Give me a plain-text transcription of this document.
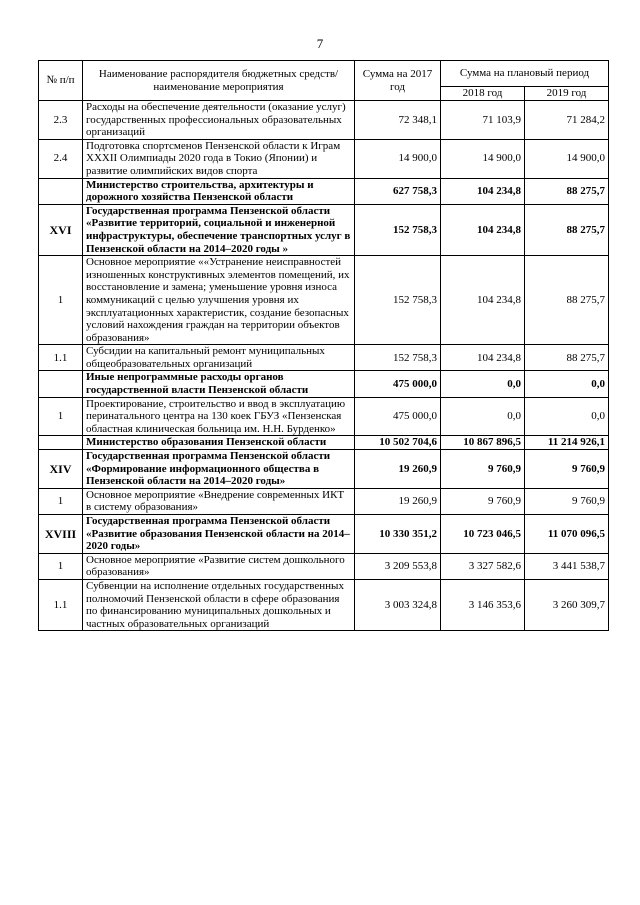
7
№ п/п	Наименование распорядителя бюджетных средств/наименование мероприятия	Сумма на 2017 год	Сумма на плановый период	
			2018 год	2019 год
2.3	Расходы на обеспечение деятельности (оказание услуг) государственных профессиональных образовательных организаций	72 348,1	71 103,9	71 284,2
2.4	Подготовка спортсменов Пензенской области к Играм XXXII Олимпиады 2020 года в Токио (Японии) и развитие олимпийских видов спорта	14 900,0	14 900,0	14 900,0
	Министерство строительства, архитектуры и дорожного хозяйства Пензенской области	627 758,3	104 234,8	88 275,7
XVI	Государственная программа Пензенской области «Развитие территорий, социальной и инженерной инфраструктуры, обеспечение транспортных услуг в Пензенской области на 2014–2020 годы »	152 758,3	104 234,8	88 275,7
1	Основное мероприятие ««Устранение неисправностей изношенных конструктивных элементов помещений, их восстановление и замена; уменьшение уровня износа коммуникаций с целью улучшения уровня их эксплуатационных характеристик, создание безопасных условий нахождения граждан на территории объектов образования»	152 758,3	104 234,8	88 275,7
1.1	Субсидии на капитальный ремонт муниципальных общеобразовательных организаций	152 758,3	104 234,8	88 275,7
	Иные непрограммные расходы органов государственной власти Пензенской области	475 000,0	0,0	0,0
1	Проектирование, строительство и ввод в эксплуатацию перинатального центра на 130 коек ГБУЗ «Пензенская областная клиническая больница им. Н.Н. Бурденко»	475 000,0	0,0	0,0
	Министерство образования Пензенской области	10 502 704,6	10 867 896,5	11 214 926,1
XIV	Государственная программа Пензенской области «Формирование информационного общества в Пензенской области на 2014–2020 годы»	19 260,9	9 760,9	9 760,9
1	Основное мероприятие «Внедрение современных ИКТ в систему образования»	19 260,9	9 760,9	9 760,9
XVIII	Государственная программа Пензенской области «Развитие образования Пензенской области на 2014–2020 годы»	10 330 351,2	10 723 046,5	11 070 096,5
1	Основное мероприятие «Развитие систем дошкольного образования»	3 209 553,8	3 327 582,6	3 441 538,7
1.1	Субвенции на исполнение отдельных государственных полномочий Пензенской области в сфере образования по финансированию муниципальных дошкольных и частных образовательных организаций	3 003 324,8	3 146 353,6	3 260 309,7
